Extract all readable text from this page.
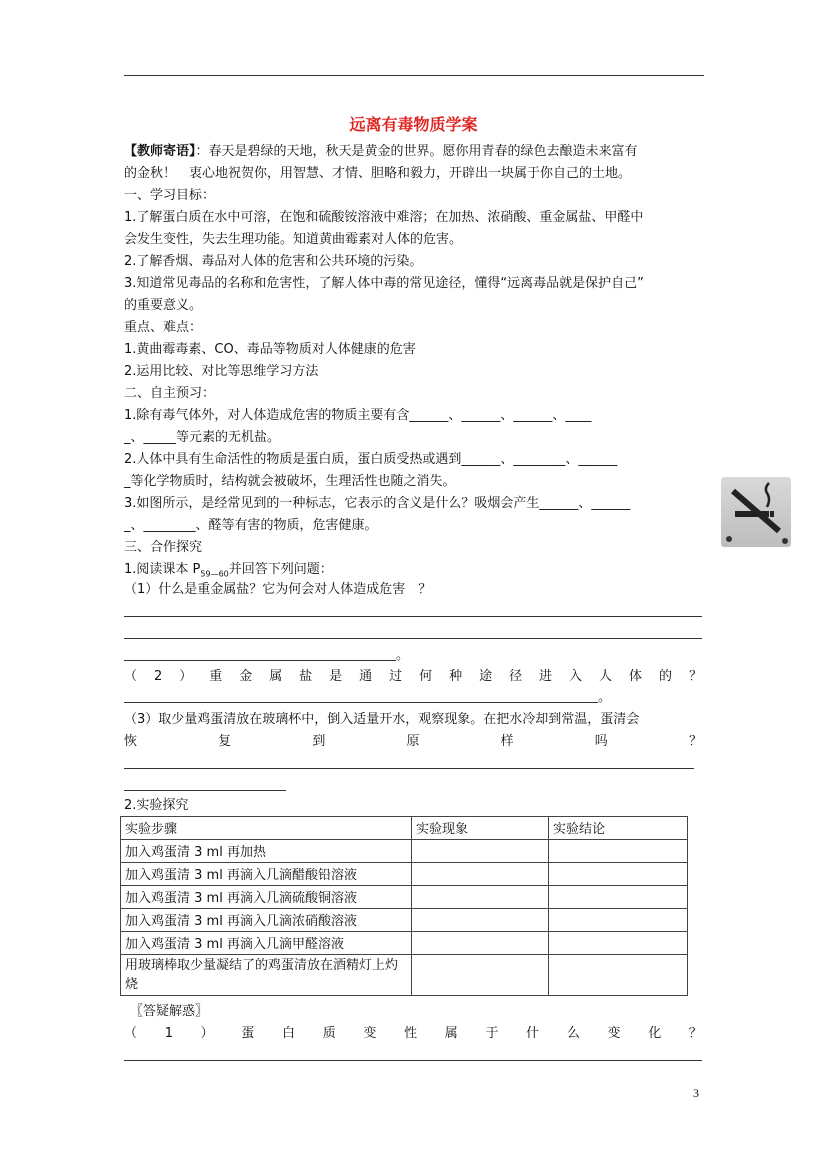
远离有毒物质学案
【教师寄语】：春天是碧绿的天地，秋天是黄金的世界。愿你用青春的绿色去酿造未来富有
的金秋！　衷心地祝贺你，用智慧、才情、胆略和毅力，开辟出一块属于你自己的土地。
一、学习目标：
1.了解蛋白质在水中可溶，在饱和硫酸铵溶液中难溶；在加热、浓硝酸、重金属盐、甲醛中
会发生变性，失去生理功能。知道黄曲霉素对人体的危害。
2.了解香烟、毒品对人体的危害和公共环境的污染。
3.知道常见毒品的名称和危害性，了解人体中毒的常见途径，懂得“远离毒品就是保护自己”
的重要意义。
重点、难点：
1.黄曲霉毒素、CO、毒品等物质对人体健康的危害
2.运用比较、对比等思维学习方法
二、自主预习：
1.除有毒气体外，对人体造成危害的物质主要有含______、______、______、____
_、_____等元素的无机盐。
2.人体中具有生命活性的物质是蛋白质，蛋白质受热或遇到______、________、______
_等化学物质时，结构就会被破坏，生理活性也随之消失。
3.如图所示，是经常见到的一种标志，它表示的含义是什么？吸烟会产生______、______
_、________、醛等有害的物质，危害健康。
三、合作探究
1.阅读课本 $P_{59—60}$并回答下列问题：
（1）什么是重金属盐？它为何会对人体造成危害　？
。
（ 2 ） 重 金 属 盐 是 通 过 何 种 途 径 进 入 人 体 的 ？
。
（3）取少量鸡蛋清放在玻璃杯中，倒入适量开水，观察现象。在把水冷却到常温，蛋清会
恢	复	到	原	样	吗	？
2.实验探究
实验步骤	实验现象	实验结论
加入鸡蛋清 3 ml 再加热		
加入鸡蛋清 3 ml 再滴入几滴醋酸铅溶液		
加入鸡蛋清 3 ml 再滴入几滴硫酸铜溶液		
加入鸡蛋清 3 ml 再滴入几滴浓硝酸溶液		
加入鸡蛋清 3 ml 再滴入几滴甲醛溶液		
用玻璃棒取少量凝结了的鸡蛋清放在酒精灯上灼烧		
〖答疑解惑〗
（ 1 ） 蛋 白 质 变 性 属 于 什 么 变 化 ？
3
